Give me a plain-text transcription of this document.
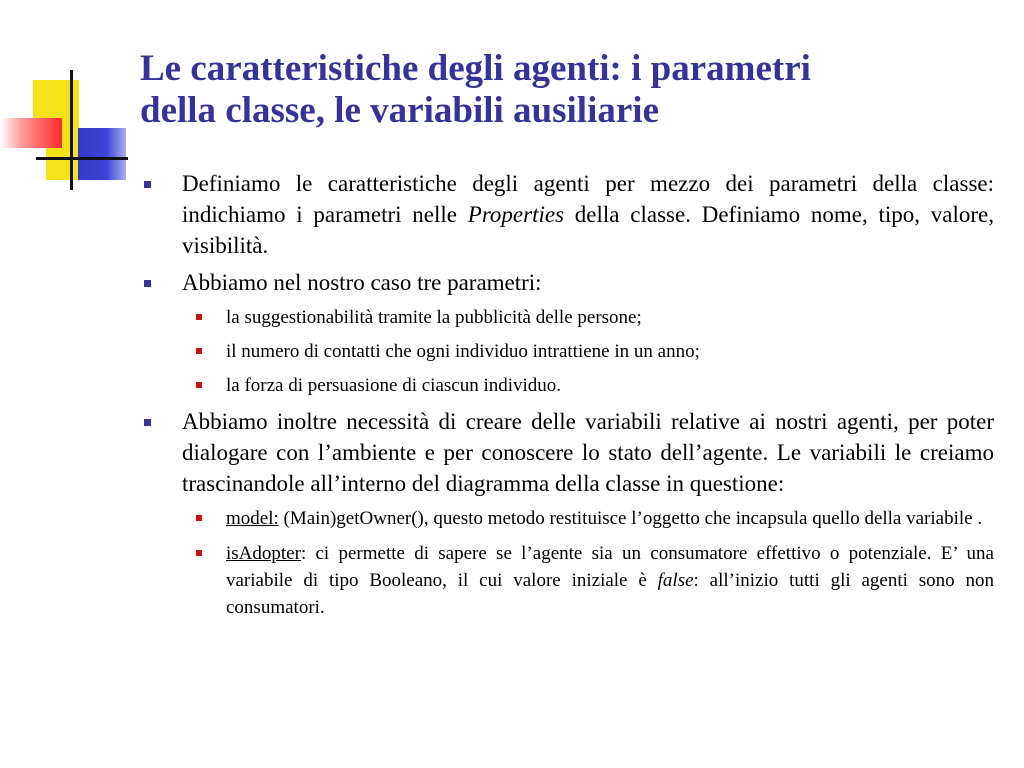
Le caratteristiche degli agenti: i parametri
della classe, le variabili ausiliarie
Definiamo le caratteristiche degli agenti per mezzo dei parametri della classe: indichiamo i parametri nelle Properties della classe. Definiamo nome, tipo, valore, visibilità.
Abbiamo nel nostro caso tre parametri:
la suggestionabilità tramite la pubblicità delle persone;
il numero di contatti che ogni individuo intrattiene in un anno;
la forza di persuasione di ciascun individuo.
Abbiamo inoltre necessità di creare delle variabili relative ai nostri agenti, per poter dialogare con l’ambiente e per conoscere lo stato dell’agente. Le variabili le creiamo trascinandole all’interno del diagramma della classe in questione:
model: (Main)getOwner(), questo metodo restituisce l’oggetto che incapsula quello della variabile .
isAdopter: ci permette di sapere se l’agente sia un consumatore effettivo o potenziale. E’ una variabile di tipo Booleano, il cui valore iniziale è false: all’inizio tutti gli agenti sono non consumatori.
